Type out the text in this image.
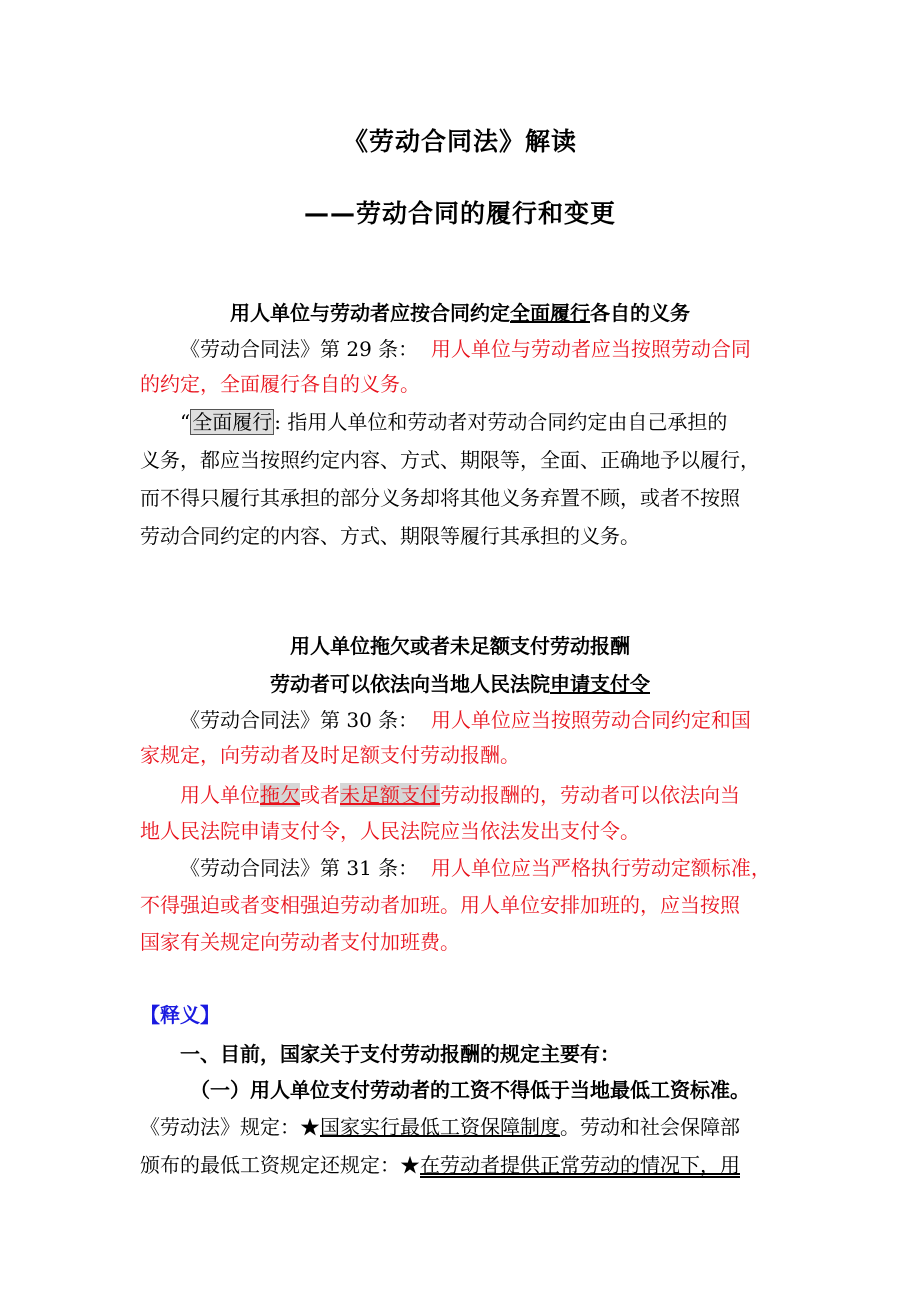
《劳动合同法》解读
——劳动合同的履行和变更
用人单位与劳动者应按合同约定全面履行各自的义务
《劳动合同法》第 29 条： 用人单位与劳动者应当按照劳动合同
的约定，全面履行各自的义务。
“ 全面履行 : 指用人单位和劳动者对劳动合同约定由自己承担的
义务，都应当按照约定内容、方式、期限等，全面、正确地予以履行，
而不得只履行其承担的部分义务却将其他义务弃置不顾，或者不按照
劳动合同约定的内容、方式、期限等履行其承担的义务。
用人单位拖欠或者未足额支付劳动报酬
劳动者可以依法向当地人民法院申请支付令
《劳动合同法》第 30 条： 用人单位应当按照劳动合同约定和国
家规定，向劳动者及时足额支付劳动报酬。
用人单位拖欠或者未足额支付劳动报酬的，劳动者可以依法向当
地人民法院申请支付令，人民法院应当依法发出支付令。
《劳动合同法》第 31 条： 用人单位应当严格执行劳动定额标准，
不得强迫或者变相强迫劳动者加班。用人单位安排加班的，应当按照
国家有关规定向劳动者支付加班费。
【释义】
一、目前，国家关于支付劳动报酬的规定主要有：
（一）用人单位支付劳动者的工资不得低于当地最低工资标准。
《劳动法》规定：★国家实行最低工资保障制度。劳动和社会保障部
颁布的最低工资规定还规定：★在劳动者提供正常劳动的情况下，用
